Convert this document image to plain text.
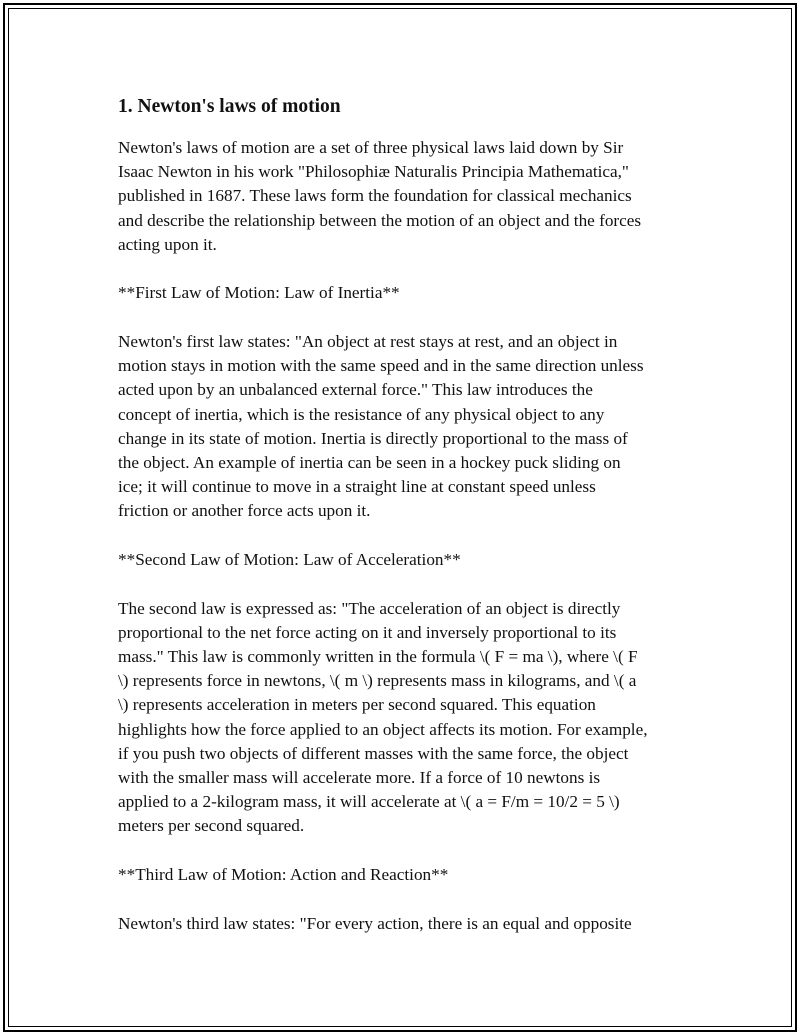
1. Newton's laws of motion
Newton's laws of motion are a set of three physical laws laid down by Sir
Isaac Newton in his work "Philosophiæ Naturalis Principia Mathematica,"
published in 1687. These laws form the foundation for classical mechanics
and describe the relationship between the motion of an object and the forces
acting upon it.
**First Law of Motion: Law of Inertia**
Newton's first law states: "An object at rest stays at rest, and an object in
motion stays in motion with the same speed and in the same direction unless
acted upon by an unbalanced external force." This law introduces the
concept of inertia, which is the resistance of any physical object to any
change in its state of motion. Inertia is directly proportional to the mass of
the object. An example of inertia can be seen in a hockey puck sliding on
ice; it will continue to move in a straight line at constant speed unless
friction or another force acts upon it.
**Second Law of Motion: Law of Acceleration**
The second law is expressed as: "The acceleration of an object is directly
proportional to the net force acting on it and inversely proportional to its
mass." This law is commonly written in the formula \( F = ma \), where \( F
\) represents force in newtons, \( m \) represents mass in kilograms, and \( a
\) represents acceleration in meters per second squared. This equation
highlights how the force applied to an object affects its motion. For example,
if you push two objects of different masses with the same force, the object
with the smaller mass will accelerate more. If a force of 10 newtons is
applied to a 2-kilogram mass, it will accelerate at \( a = F/m = 10/2 = 5 \)
meters per second squared.
**Third Law of Motion: Action and Reaction**
Newton's third law states: "For every action, there is an equal and opposite
